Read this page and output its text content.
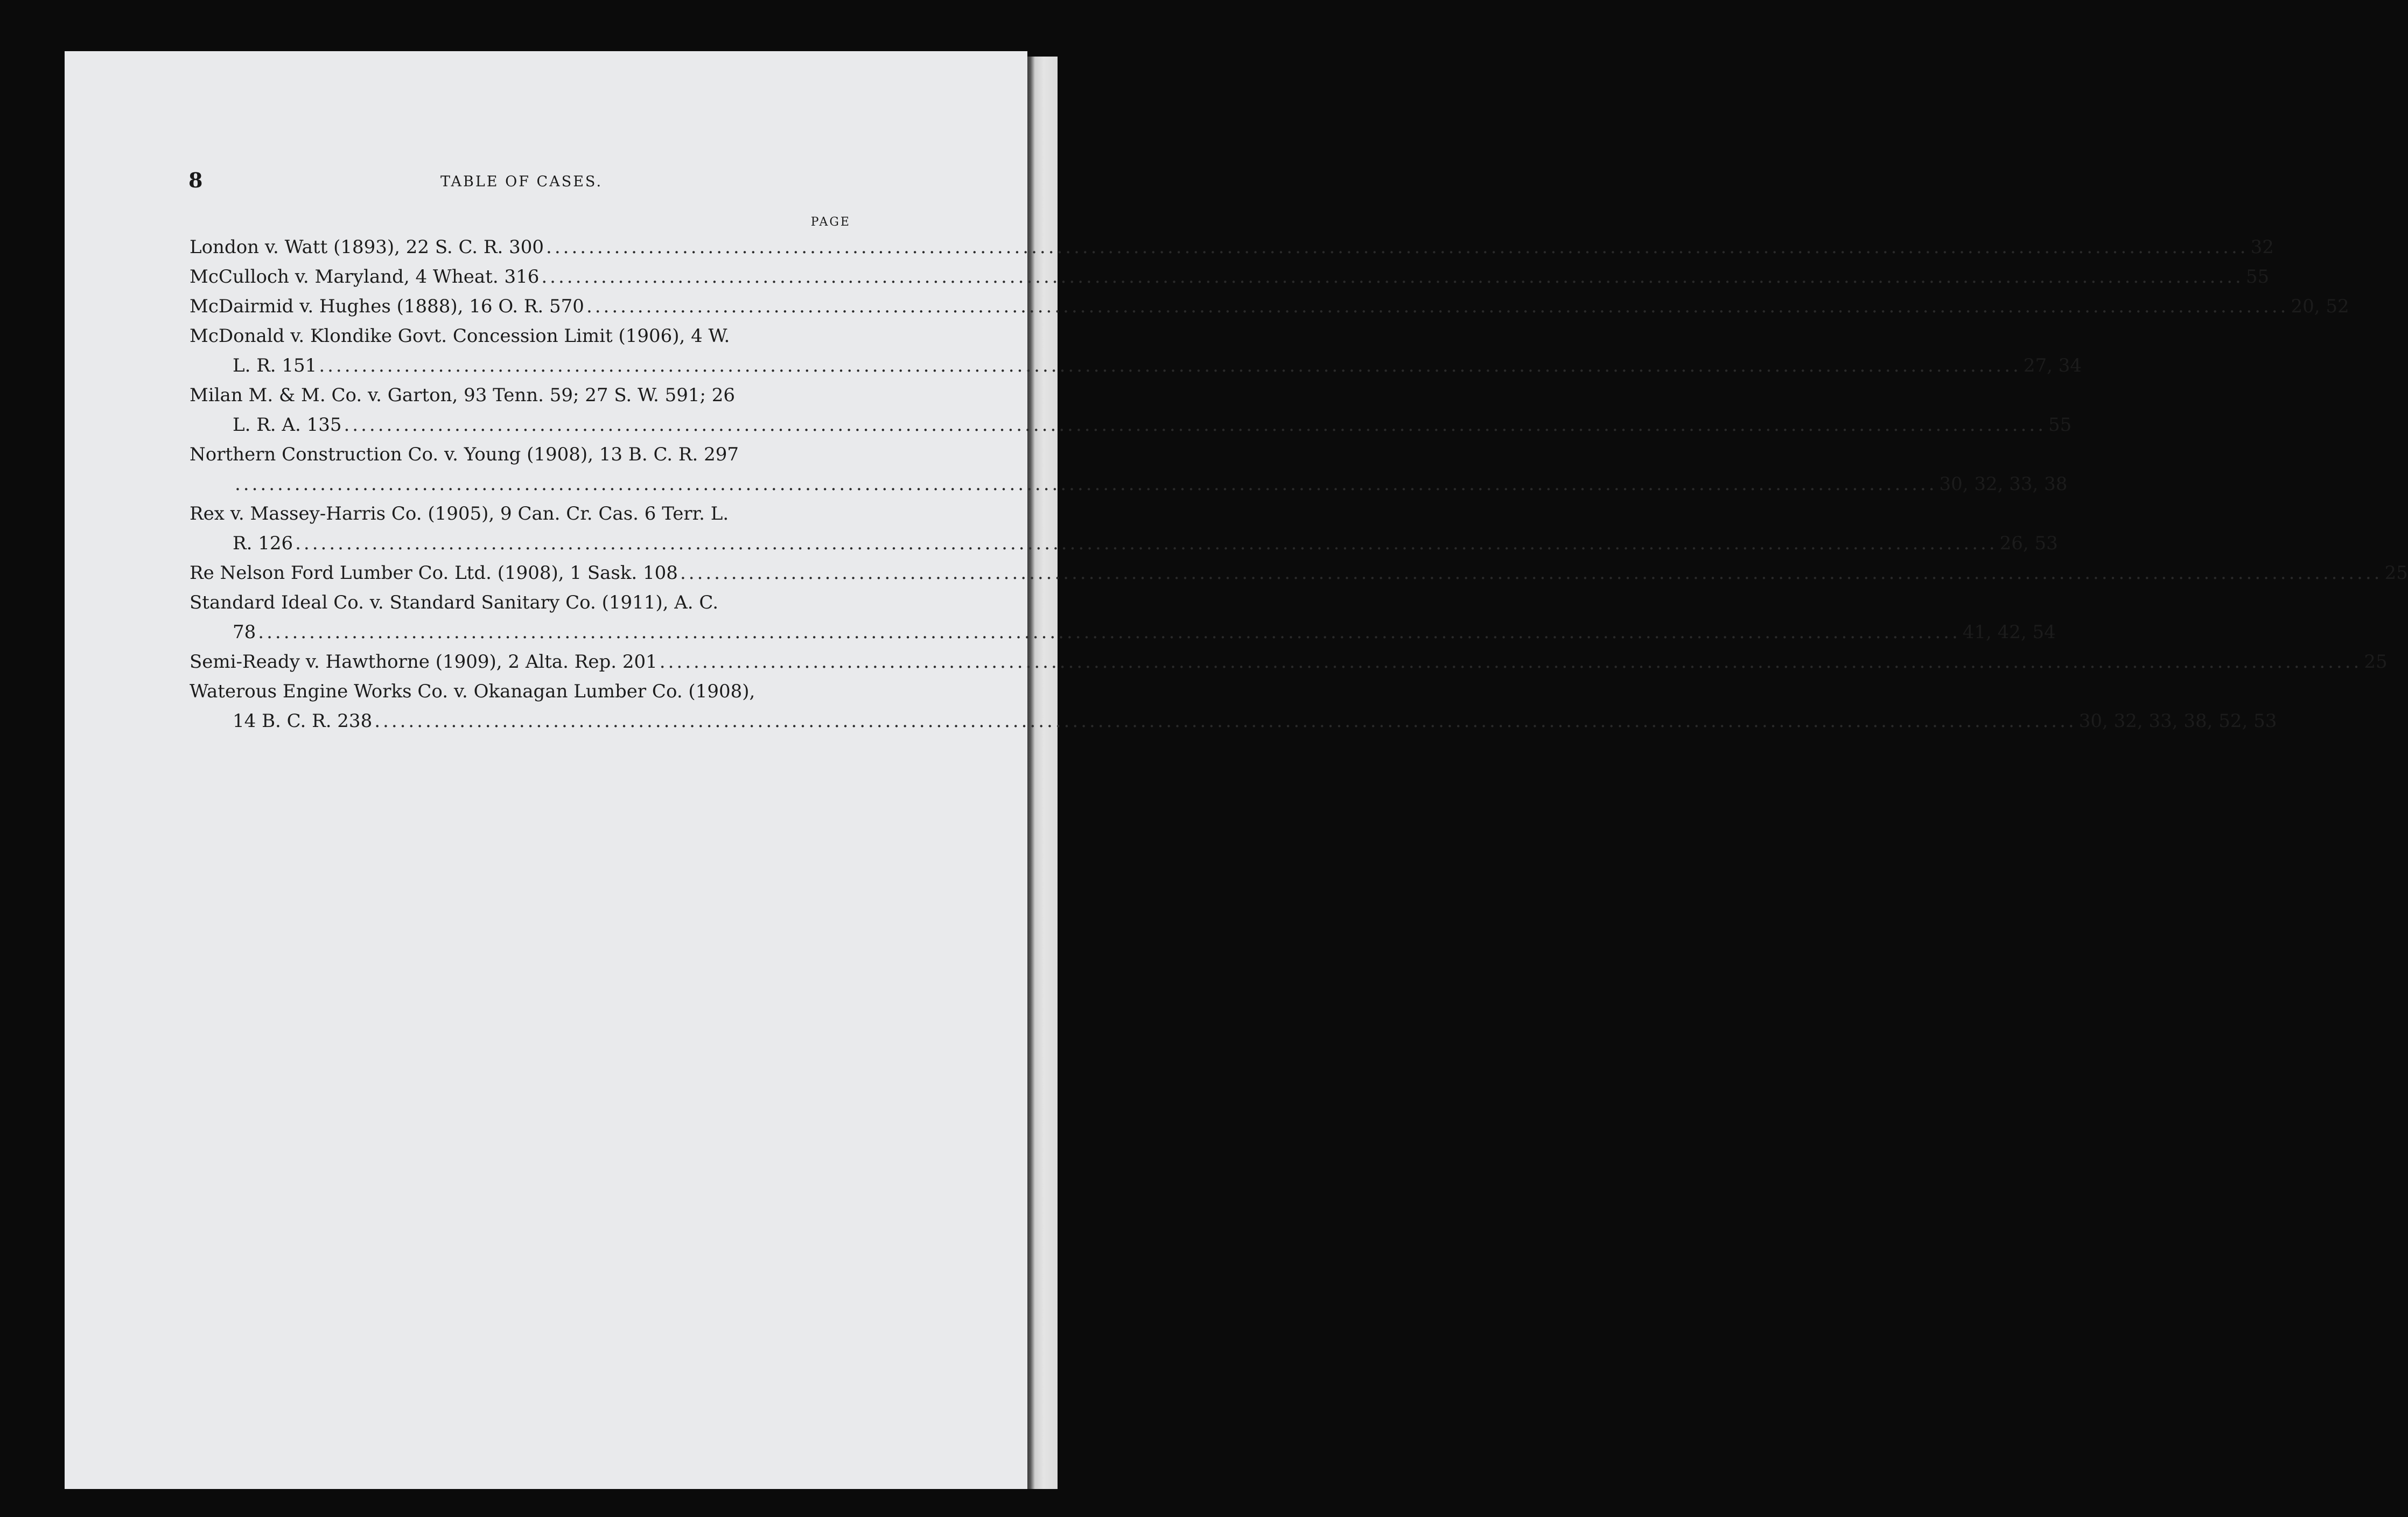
8	TABLE OF CASES.
PAGE
London v. Watt (1893), 22 S. C. R. 300 ........................................................................................................................................................................................................ 32
McCulloch v. Maryland, 4 Wheat. 316 ........................................................................................................................................................................................................ 55
McDairmid v. Hughes (1888), 16 O. R. 570 ........................................................................................................................................................................................................ 20, 52
McDonald v. Klondike Govt. Concession Limit (1906), 4 W.
L. R. 151 ........................................................................................................................................................................................................ 27, 34
Milan M. & M. Co. v. Garton, 93 Tenn. 59; 27 S. W. 591; 26
L. R. A. 135 ........................................................................................................................................................................................................ 55
Northern Construction Co. v. Young (1908), 13 B. C. R. 297
........................................................................................................................................................................................................ 30, 32, 33, 38
Rex v. Massey-Harris Co. (1905), 9 Can. Cr. Cas. 6 Terr. L.
R. 126 ........................................................................................................................................................................................................ 26, 53
Re Nelson Ford Lumber Co. Ltd. (1908), 1 Sask. 108 ........................................................................................................................................................................................................ 25
Standard Ideal Co. v. Standard Sanitary Co. (1911), A. C.
78 ........................................................................................................................................................................................................ 41, 42, 54
Semi-Ready v. Hawthorne (1909), 2 Alta. Rep. 201 ........................................................................................................................................................................................................ 25
Waterous Engine Works Co. v. Okanagan Lumber Co. (1908),
14 B. C. R. 238 ........................................................................................................................................................................................................ 30, 32, 33, 38, 52, 53
